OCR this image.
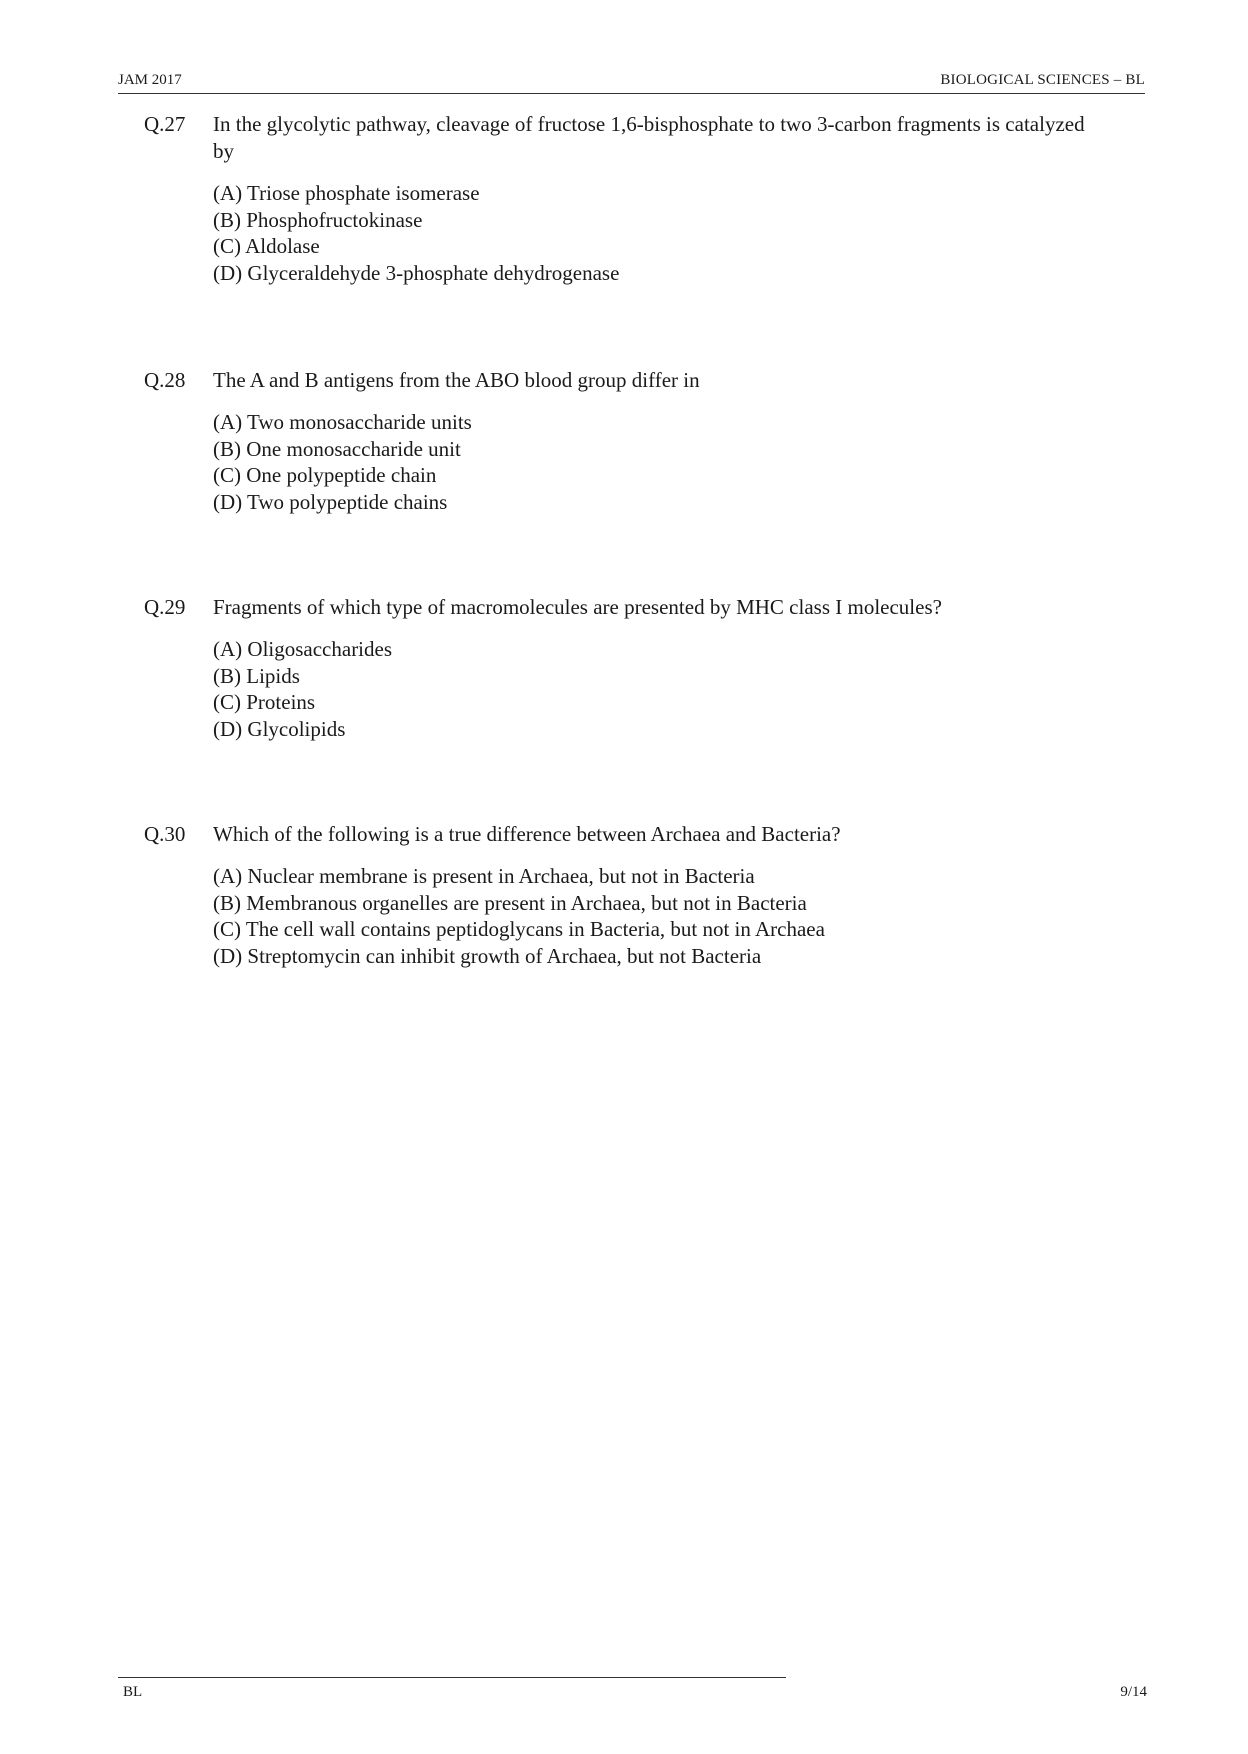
JAM 2017	BIOLOGICAL SCIENCES – BL
Q.27 In the glycolytic pathway, cleavage of fructose 1,6-bisphosphate to two 3-carbon fragments is catalyzed by
(A) Triose phosphate isomerase
(B) Phosphofructokinase
(C) Aldolase
(D) Glyceraldehyde 3-phosphate dehydrogenase
Q.28 The A and B antigens from the ABO blood group differ in
(A) Two monosaccharide units
(B) One monosaccharide unit
(C) One polypeptide chain
(D) Two polypeptide chains
Q.29 Fragments of which type of macromolecules are presented by MHC class I molecules?
(A) Oligosaccharides
(B) Lipids
(C) Proteins
(D) Glycolipids
Q.30 Which of the following is a true difference between Archaea and Bacteria?
(A) Nuclear membrane is present in Archaea, but not in Bacteria
(B) Membranous organelles are present in Archaea, but not in Bacteria
(C) The cell wall contains peptidoglycans in Bacteria, but not in Archaea
(D) Streptomycin can inhibit growth of Archaea, but not Bacteria
BL	9/14
